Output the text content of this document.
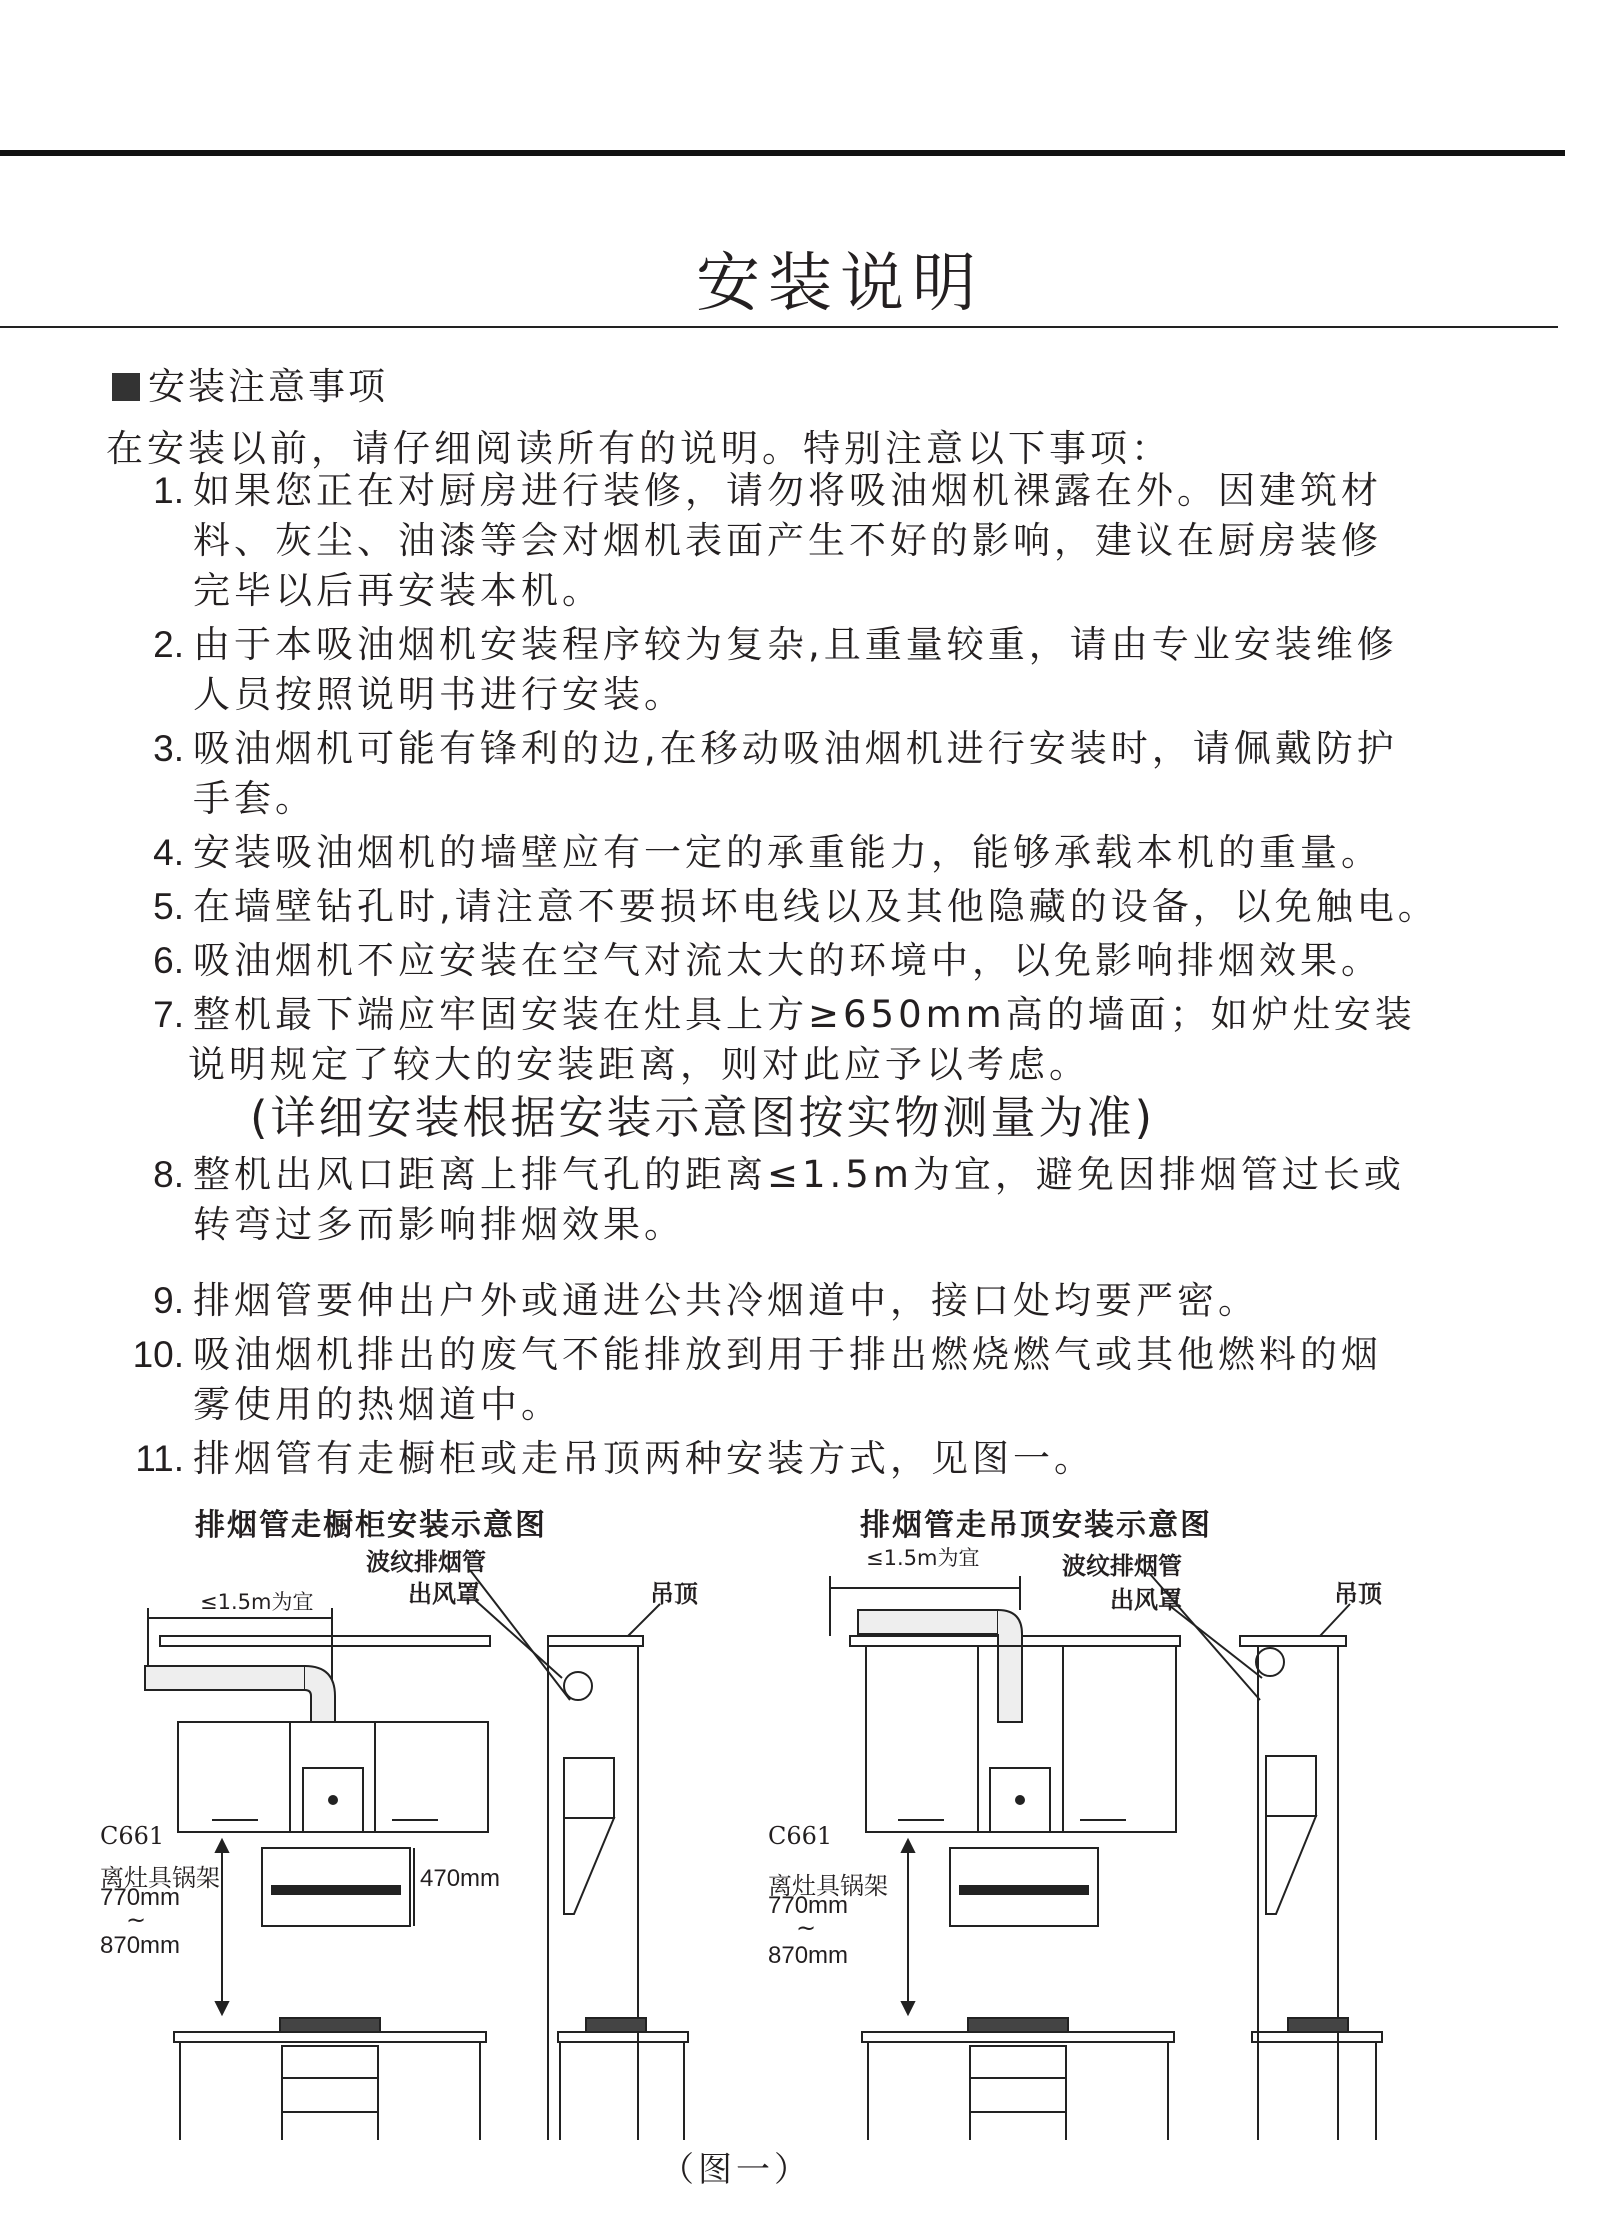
安装说明
安装注意事项
在安装以前，请仔细阅读所有的说明。特别注意以下事项：
1. 如果您正在对厨房进行装修，请勿将吸油烟机裸露在外。因建筑材
料、灰尘、油漆等会对烟机表面产生不好的影响，建议在厨房装修
完毕以后再安装本机。
2. 由于本吸油烟机安装程序较为复杂,且重量较重，请由专业安装维修
人员按照说明书进行安装。
3. 吸油烟机可能有锋利的边,在移动吸油烟机进行安装时，请佩戴防护
手套。
4. 安装吸油烟机的墙壁应有一定的承重能力，能够承载本机的重量。
5. 在墙壁钻孔时,请注意不要损坏电线以及其他隐藏的设备，以免触电。
6. 吸油烟机不应安装在空气对流太大的环境中，以免影响排烟效果。
7. 整机最下端应牢固安装在灶具上方≥650mm高的墙面；如炉灶安装
说明规定了较大的安装距离，则对此应予以考虑。
(详细安装根据安装示意图按实物测量为准)
8. 整机出风口距离上排气孔的距离≤1.5m为宜，避免因排烟管过长或
转弯过多而影响排烟效果。
9. 排烟管要伸出户外或通进公共冷烟道中，接口处均要严密。
10. 吸油烟机排出的废气不能排放到用于排出燃烧燃气或其他燃料的烟
雾使用的热烟道中。
11. 排烟管有走橱柜或走吊顶两种安装方式，见图一。
排烟管走橱柜安装示意图
波纹排烟管
出风罩	吊顶
≤1.5m为宜
C661
离灶具锅架
770mm
~
870mm
470mm
排烟管走吊顶安装示意图
≤1.5m为宜	波纹排烟管
出风罩	吊顶
C661
离灶具锅架
770mm
~
870mm
（图一）
